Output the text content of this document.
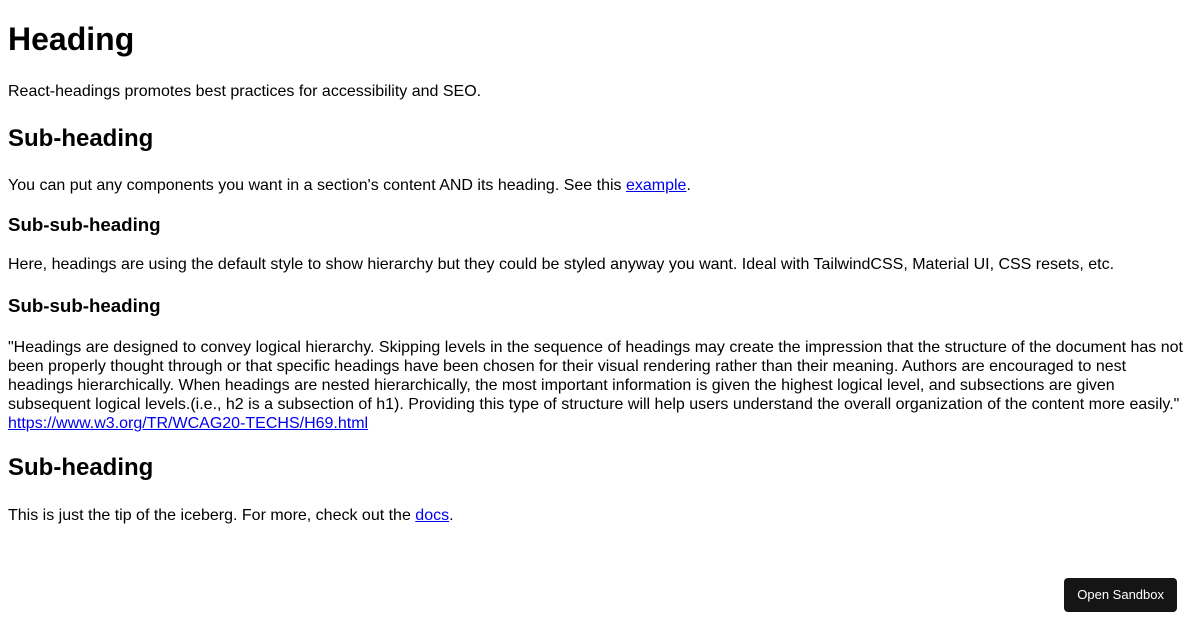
Heading

React-headings promotes best practices for accessibility and SEO.

Sub-heading

You can put any components you want in a section's content AND its heading. See this example.

Sub-sub-heading

Here, headings are using the default style to show hierarchy but they could be styled anyway you want. Ideal with TailwindCSS, Material UI, CSS resets, etc.

Sub-sub-heading

"Headings are designed to convey logical hierarchy. Skipping levels in the sequence of headings may create the impression that the structure of the document has not been properly thought through or that specific headings have been chosen for their visual rendering rather than their meaning. Authors are encouraged to nest headings hierarchically. When headings are nested hierarchically, the most important information is given the highest logical level, and subsections are given subsequent logical levels.(i.e., h2 is a subsection of h1). Providing this type of structure will help users understand the overall organization of the content more easily."
https://www.w3.org/TR/WCAG20-TECHS/H69.html

Sub-heading

This is just the tip of the iceberg. For more, check out the docs.

Open Sandbox
